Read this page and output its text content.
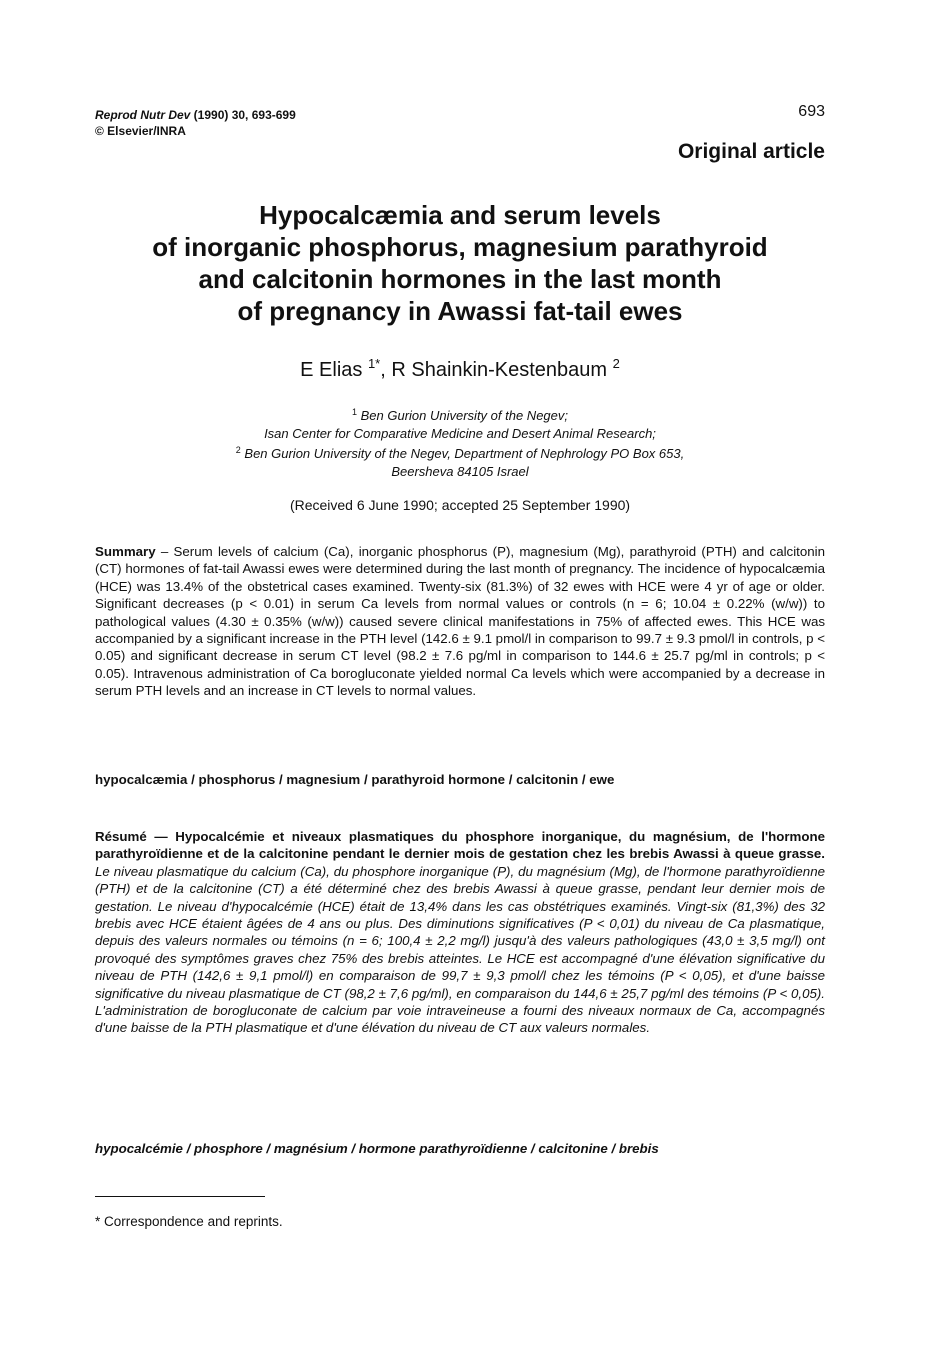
Reprod Nutr Dev (1990) 30, 693-699
© Elsevier/INRA
693
Original article
Hypocalcæmia and serum levels
of inorganic phosphorus, magnesium parathyroid
and calcitonin hormones in the last month
of pregnancy in Awassi fat-tail ewes
E Elias $^{1*}$, R Shainkin-Kestenbaum $^2$
$^1$ Ben Gurion University of the Negev;
Isan Center for Comparative Medicine and Desert Animal Research;
$^2$ Ben Gurion University of the Negev, Department of Nephrology PO Box 653,
Beersheva 84105 Israel
(Received 6 June 1990; accepted 25 September 1990)
Summary – Serum levels of calcium (Ca), inorganic phosphorus (P), magnesium (Mg), parathyroid (PTH) and calcitonin (CT) hormones of fat-tail Awassi ewes were determined during the last month of pregnancy. The incidence of hypocalcæmia (HCE) was 13.4% of the obstetrical cases examined. Twenty-six (81.3%) of 32 ewes with HCE were 4 yr of age or older. Significant decreases (p < 0.01) in serum Ca levels from normal values or controls (n = 6; 10.04 ± 0.22% (w/w)) to pathological values (4.30 ± 0.35% (w/w)) caused severe clinical manifestations in 75% of affected ewes. This HCE was accompanied by a significant increase in the PTH level (142.6 ± 9.1 pmol/l in comparison to 99.7 ± 9.3 pmol/l in controls, p < 0.05) and significant decrease in serum CT level (98.2 ± 7.6 pg/ml in comparison to 144.6 ± 25.7 pg/ml in controls; p < 0.05). Intravenous administration of Ca borogluconate yielded normal Ca levels which were accompanied by a decrease in serum PTH levels and an increase in CT levels to normal values.
hypocalcæmia / phosphorus / magnesium / parathyroid hormone / calcitonin / ewe
Résumé — Hypocalcémie et niveaux plasmatiques du phosphore inorganique, du magnésium, de l'hormone parathyroïdienne et de la calcitonine pendant le dernier mois de gestation chez les brebis Awassi à queue grasse. Le niveau plasmatique du calcium (Ca), du phosphore inorganique (P), du magnésium (Mg), de l'hormone parathyroïdienne (PTH) et de la calcitonine (CT) a été déterminé chez des brebis Awassi à queue grasse, pendant leur dernier mois de gestation. Le niveau d'hypocalcémie (HCE) était de 13,4% dans les cas obstétriques examinés. Vingt-six (81,3%) des 32 brebis avec HCE étaient âgées de 4 ans ou plus. Des diminutions significatives (P < 0,01) du niveau de Ca plasmatique, depuis des valeurs normales ou témoins (n = 6; 100,4 ± 2,2 mg/l) jusqu'à des valeurs pathologiques (43,0 ± 3,5 mg/l) ont provoqué des symptômes graves chez 75% des brebis atteintes. Le HCE est accompagné d'une élévation significative du niveau de PTH (142,6 ± 9,1 pmol/l) en comparaison de 99,7 ± 9,3 pmol/l chez les témoins (P < 0,05), et d'une baisse significative du niveau plasmatique de CT (98,2 ± 7,6 pg/ml), en comparaison du 144,6 ± 25,7 pg/ml des témoins (P < 0,05). L'administration de borogluconate de calcium par voie intraveineuse a fourni des niveaux normaux de Ca, accompagnés d'une baisse de la PTH plasmatique et d'une élévation du niveau de CT aux valeurs normales.
hypocalcémie / phosphore / magnésium / hormone parathyroïdienne / calcitonine / brebis
* Correspondence and reprints.
